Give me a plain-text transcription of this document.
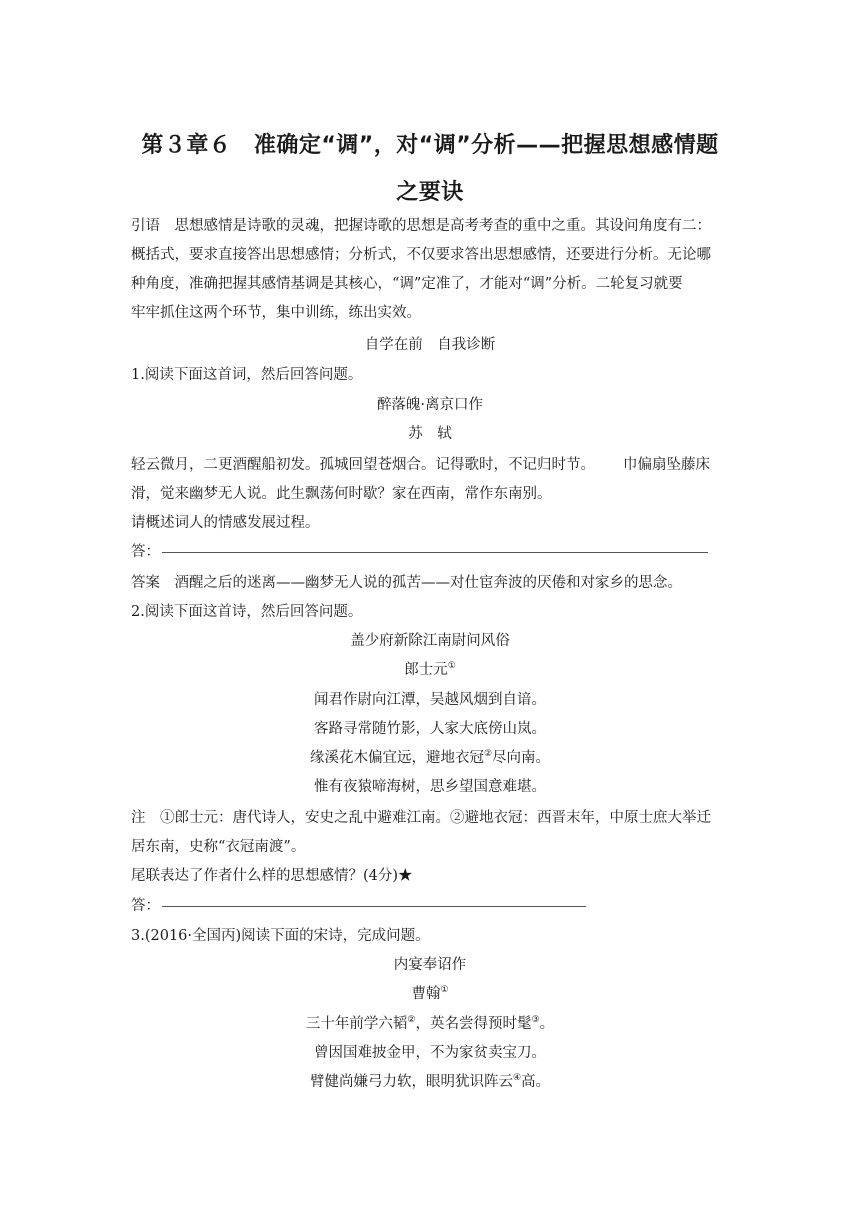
第３章６　准确定“调”，对“调”分析——把握思想感情题
之要诀
引语　思想感情是诗歌的灵魂，把握诗歌的思想是高考考查的重中之重。其设问角度有二：
概括式，要求直接答出思想感情；分析式，不仅要求答出思想感情，还要进行分析。无论哪
种角度，准确把握其感情基调是其核心，“调”定准了，才能对“调”分析。二轮复习就要
牢牢抓住这两个环节，集中训练，练出实效。
自学在前　自我诊断
1.阅读下面这首词，然后回答问题。
醉落魄·离京口作
苏　轼
轻云微月，二更酒醒船初发。孤城回望苍烟合。记得歌时，不记归时节。 巾偏扇坠藤床
滑，觉来幽梦无人说。此生飘荡何时歇？家在西南，常作东南别。
请概述词人的情感发展过程。
答：
答案　酒醒之后的迷离——幽梦无人说的孤苦——对仕宦奔波的厌倦和对家乡的思念。
2.阅读下面这首诗，然后回答问题。
盖少府新除江南尉问风俗
郎士元①
闻君作尉向江潭，吴越风烟到自谙。
客路寻常随竹影，人家大底傍山岚。
缘溪花木偏宜远，避地衣冠②尽向南。
惟有夜猿啼海树，思乡望国意难堪。
注　①郎士元：唐代诗人，安史之乱中避难江南。②避地衣冠：西晋末年，中原士庶大举迁
居东南，史称“衣冠南渡”。
尾联表达了作者什么样的思想感情？(4分)★
答：
3.(2016·全国丙)阅读下面的宋诗，完成问题。
内宴奉诏作
曹翰①
三十年前学六韬②，英名尝得预时髦③。
曾因国难披金甲，不为家贫卖宝刀。
臂健尚嫌弓力软，眼明犹识阵云④高。
